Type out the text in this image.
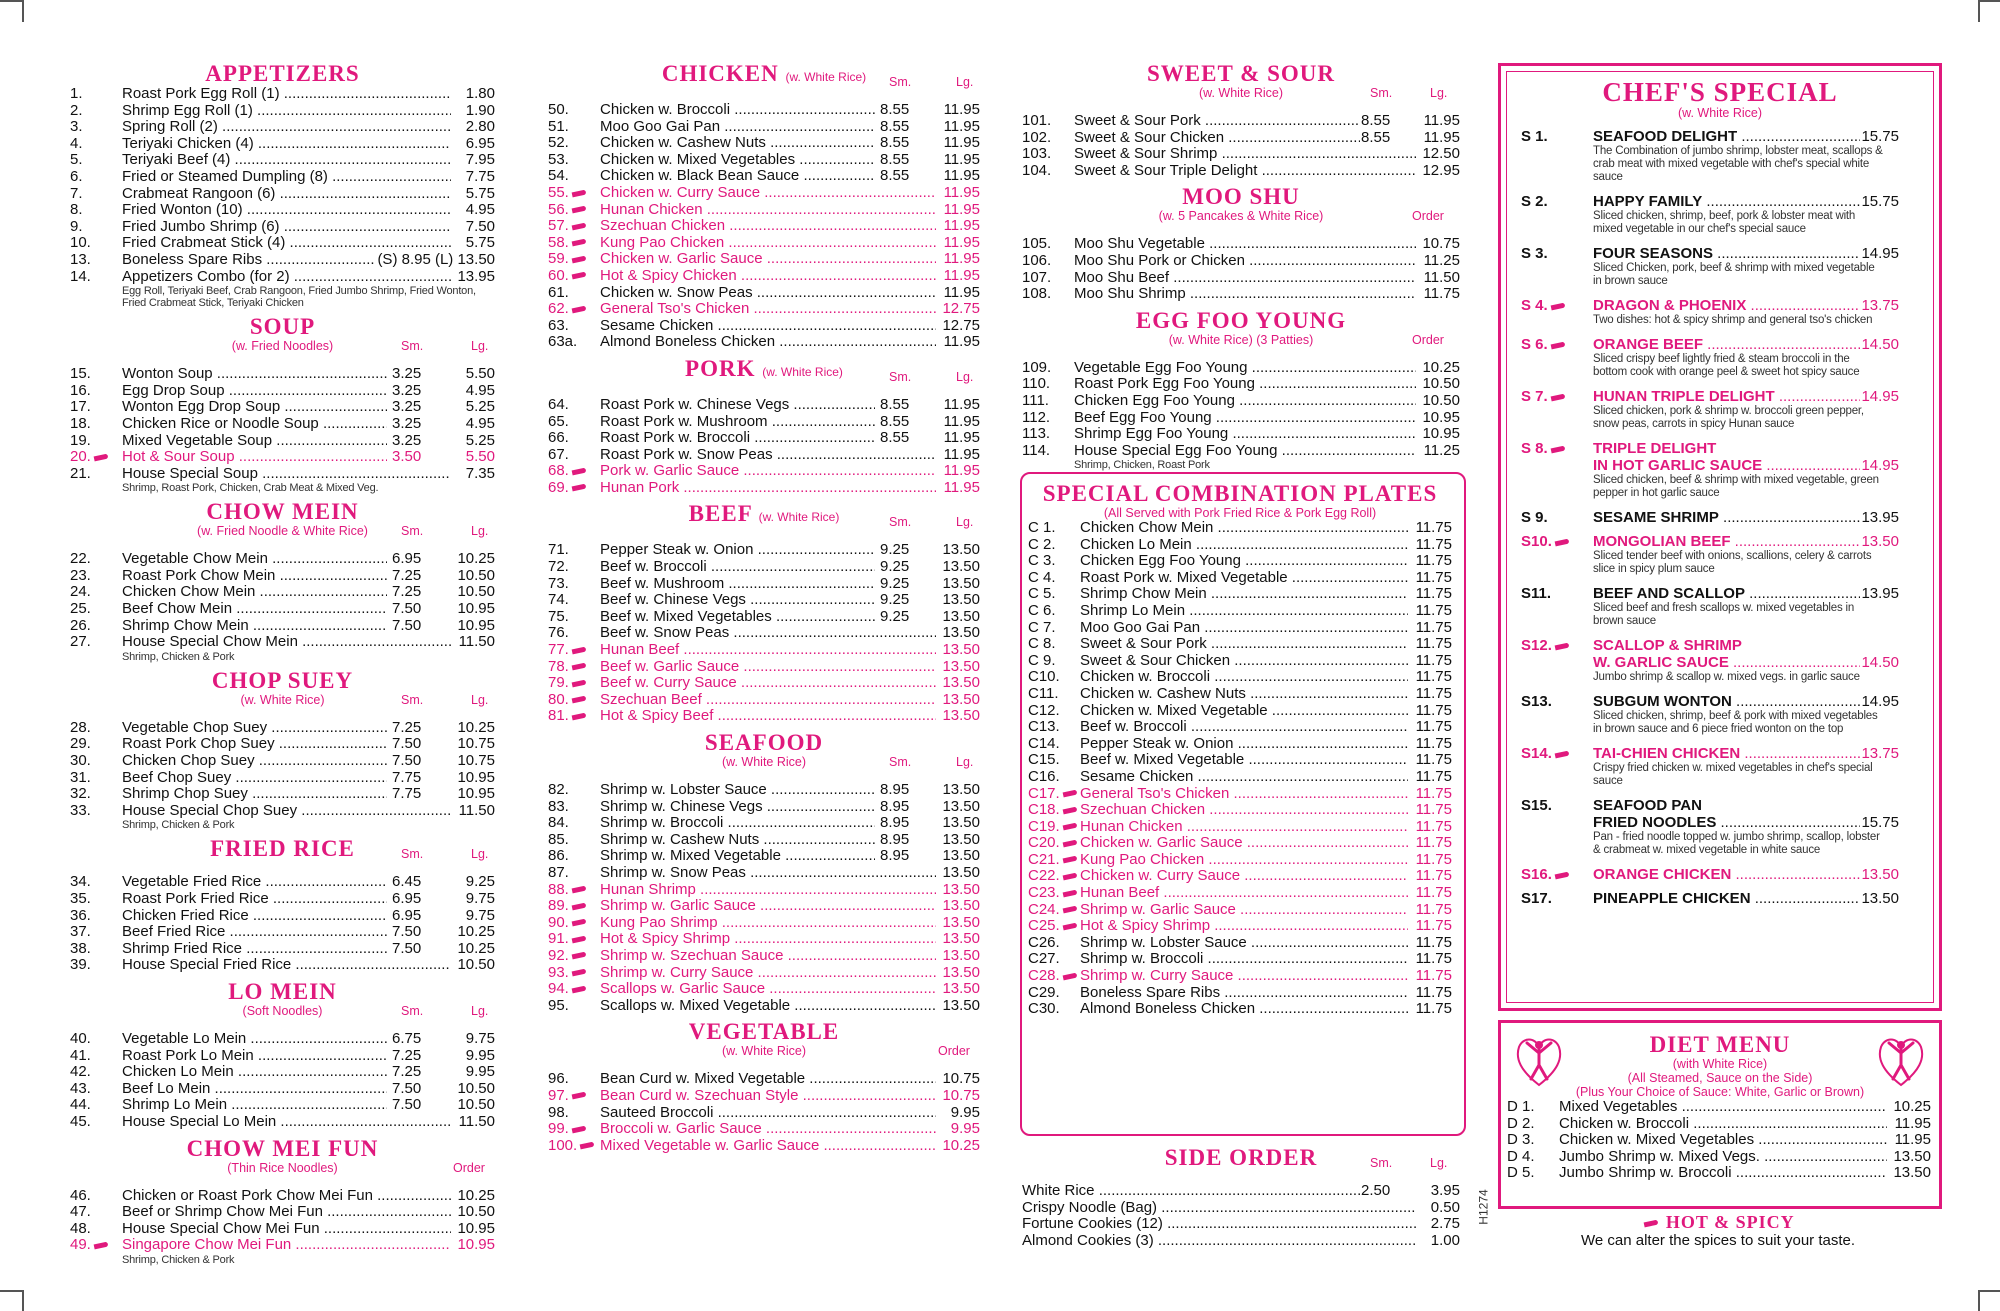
APPETIZERS
1.	Roast Pork Egg Roll (1) .....	1.80
2.	Shrimp Egg Roll (1) .....	1.90
3.	Spring Roll (2) .....	2.80
4.	Teriyaki Chicken (4) .....	6.95
5.	Teriyaki Beef (4) .....	7.95
6.	Fried or Steamed Dumpling (8) .....	7.75
7.	Crabmeat Rangoon (6) .....	5.75
8.	Fried Wonton (10) .....	4.95
9.	Fried Jumbo Shrimp (6) .....	7.50
10.	Fried Crabmeat Stick (4) .....	5.75
13.	Boneless Spare Ribs .....	(S) 8.95 (L) 13.50
14.	Appetizers Combo (for 2) .....	13.95
Egg Roll, Teriyaki Beef, Crab Rangoon, Fried Jumbo Shrimp, Fried Wonton, Fried Crabmeat Stick, Teriyaki Chicken
SOUP
(w. Fried Noodles)	Sm.	Lg.
15.	Wonton Soup .....	3.25	5.50
16.	Egg Drop Soup .....	3.25	4.95
17.	Wonton Egg Drop Soup .....	3.25	5.25
18.	Chicken Rice or Noodle Soup .....	3.25	4.95
19.	Mixed Vegetable Soup .....	3.25	5.25
20.	Hot & Sour Soup .....	3.50	5.50
21.	House Special Soup .....	7.35
Shrimp, Roast Pork, Chicken, Crab Meat & Mixed Veg.
CHOW MEIN
(w. Fried Noodle & White Rice)	Sm.	Lg.
22.	Vegetable Chow Mein .....	6.95	10.25
23.	Roast Pork Chow Mein .....	7.25	10.50
24.	Chicken Chow Mein .....	7.25	10.50
25.	Beef Chow Mein .....	7.50	10.95
26.	Shrimp Chow Mein .....	7.50	10.95
27.	House Special Chow Mein .....	11.50
Shrimp, Chicken & Pork
CHOP SUEY
(w. White Rice)	Sm.	Lg.
28.	Vegetable Chop Suey .....	7.25	10.25
29.	Roast Pork Chop Suey .....	7.50	10.75
30.	Chicken Chop Suey .....	7.50	10.75
31.	Beef Chop Suey .....	7.75	10.95
32.	Shrimp Chop Suey .....	7.75	10.95
33.	House Special Chop Suey .....	11.50
Shrimp, Chicken & Pork
FRIED RICE	Sm.	Lg.
34.	Vegetable Fried Rice .....	6.45	9.25
35.	Roast Pork Fried Rice .....	6.95	9.75
36.	Chicken Fried Rice .....	6.95	9.75
37.	Beef Fried Rice .....	7.50	10.25
38.	Shrimp Fried Rice .....	7.50	10.25
39.	House Special Fried Rice .....	10.50
LO MEIN
(Soft Noodles)	Sm.	Lg.
40.	Vegetable Lo Mein .....	6.75	9.75
41.	Roast Pork Lo Mein .....	7.25	9.95
42.	Chicken Lo Mein .....	7.25	9.95
43.	Beef Lo Mein .....	7.50	10.50
44.	Shrimp Lo Mein .....	7.50	10.50
45.	House Special Lo Mein .....	11.50
CHOW MEI FUN
(Thin Rice Noodles)	Order
46.	Chicken or Roast Pork Chow Mei Fun .....	10.25
47.	Beef or Shrimp Chow Mei Fun .....	10.50
48.	House Special Chow Mei Fun .....	10.95
49.	Singapore Chow Mei Fun .....	10.95
Shrimp, Chicken & Pork
CHICKEN (w. White Rice)	Sm.	Lg.
50.	Chicken w. Broccoli .....	8.55	11.95
51.	Moo Goo Gai Pan .....	8.55	11.95
52.	Chicken w. Cashew Nuts .....	8.55	11.95
53.	Chicken w. Mixed Vegetables .....	8.55	11.95
54.	Chicken w. Black Bean Sauce .....	8.55	11.95
55.	Chicken w. Curry Sauce .....	11.95
56.	Hunan Chicken .....	11.95
57.	Szechuan Chicken .....	11.95
58.	Kung Pao Chicken .....	11.95
59.	Chicken w. Garlic Sauce .....	11.95
60.	Hot & Spicy Chicken .....	11.95
61.	Chicken w. Snow Peas .....	11.95
62.	General Tso's Chicken .....	12.75
63.	Sesame Chicken .....	12.75
63a.	Almond Boneless Chicken .....	11.95
PORK (w. White Rice)	Sm.	Lg.
64.	Roast Pork w. Chinese Vegs .....	8.55	11.95
65.	Roast Pork w. Mushroom .....	8.55	11.95
66.	Roast Pork w. Broccoli .....	8.55	11.95
67.	Roast Pork w. Snow Peas .....	11.95
68.	Pork w. Garlic Sauce .....	11.95
69.	Hunan Pork .....	11.95
BEEF (w. White Rice)	Sm.	Lg.
71.	Pepper Steak w. Onion .....	9.25	13.50
72.	Beef w. Broccoli .....	9.25	13.50
73.	Beef w. Mushroom .....	9.25	13.50
74.	Beef w. Chinese Vegs .....	9.25	13.50
75.	Beef w. Mixed Vegetables .....	9.25	13.50
76.	Beef w. Snow Peas .....	13.50
77.	Hunan Beef .....	13.50
78.	Beef w. Garlic Sauce .....	13.50
79.	Beef w. Curry Sauce .....	13.50
80.	Szechuan Beef .....	13.50
81.	Hot & Spicy Beef .....	13.50
SEAFOOD
(w. White Rice)	Sm.	Lg.
82.	Shrimp w. Lobster Sauce .....	8.95	13.50
83.	Shrimp w. Chinese Vegs .....	8.95	13.50
84.	Shrimp w. Broccoli .....	8.95	13.50
85.	Shrimp w. Cashew Nuts .....	8.95	13.50
86.	Shrimp w. Mixed Vegetable .....	8.95	13.50
87.	Shrimp w. Snow Peas .....	13.50
88.	Hunan Shrimp .....	13.50
89.	Shrimp w. Garlic Sauce .....	13.50
90.	Kung Pao Shrimp .....	13.50
91.	Hot & Spicy Shrimp .....	13.50
92.	Shrimp w. Szechuan Sauce .....	13.50
93.	Shrimp w. Curry Sauce .....	13.50
94.	Scallops w. Garlic Sauce .....	13.50
95.	Scallops w. Mixed Vegetable .....	13.50
VEGETABLE
(w. White Rice)	Order
96.	Bean Curd w. Mixed Vegetable .....	10.75
97.	Bean Curd w. Szechuan Style .....	10.75
98.	Sauteed Broccoli .....	9.95
99.	Broccoli w. Garlic Sauce .....	9.95
100.	Mixed Vegetable w. Garlic Sauce .....	10.25
SWEET & SOUR
(w. White Rice)	Sm.	Lg.
101.	Sweet & Sour Pork .....	8.55	11.95
102.	Sweet & Sour Chicken .....	8.55	11.95
103.	Sweet & Sour Shrimp .....	12.50
104.	Sweet & Sour Triple Delight .....	12.95
MOO SHU
(w. 5 Pancakes & White Rice)	Order
105.	Moo Shu Vegetable .....	10.75
106.	Moo Shu Pork or Chicken .....	11.25
107.	Moo Shu Beef .....	11.50
108.	Moo Shu Shrimp .....	11.75
EGG FOO YOUNG
(w. White Rice) (3 Patties)	Order
109.	Vegetable Egg Foo Young .....	10.25
110.	Roast Pork Egg Foo Young .....	10.50
111.	Chicken Egg Foo Young .....	10.50
112.	Beef Egg Foo Young .....	10.95
113.	Shrimp Egg Foo Young .....	10.95
114.	House Special Egg Foo Young .....	11.25
Shrimp, Chicken, Roast Pork
SPECIAL COMBINATION PLATES
(All Served with Pork Fried Rice & Pork Egg Roll)
C 1.	Chicken Chow Mein .....	11.75
C 2.	Chicken Lo Mein .....	11.75
C 3.	Chicken Egg Foo Young .....	11.75
C 4.	Roast Pork w. Mixed Vegetable .....	11.75
C 5.	Shrimp Chow Mein .....	11.75
C 6.	Shrimp Lo Mein .....	11.75
C 7.	Moo Goo Gai Pan .....	11.75
C 8.	Sweet & Sour Pork .....	11.75
C 9.	Sweet & Sour Chicken .....	11.75
C10.	Chicken w. Broccoli .....	11.75
C11.	Chicken w. Cashew Nuts .....	11.75
C12.	Chicken w. Mixed Vegetable .....	11.75
C13.	Beef w. Broccoli .....	11.75
C14.	Pepper Steak w. Onion .....	11.75
C15.	Beef w. Mixed Vegetable .....	11.75
C16.	Sesame Chicken .....	11.75
C17.	General Tso's Chicken .....	11.75
C18.	Szechuan Chicken .....	11.75
C19.	Hunan Chicken .....	11.75
C20.	Chicken w. Garlic Sauce .....	11.75
C21.	Kung Pao Chicken .....	11.75
C22.	Chicken w. Curry Sauce .....	11.75
C23.	Hunan Beef .....	11.75
C24.	Shrimp w. Garlic Sauce .....	11.75
C25.	Hot & Spicy Shrimp .....	11.75
C26.	Shrimp w. Lobster Sauce .....	11.75
C27.	Shrimp w. Broccoli .....	11.75
C28.	Shrimp w. Curry Sauce .....	11.75
C29.	Boneless Spare Ribs .....	11.75
C30.	Almond Boneless Chicken .....	11.75
SIDE ORDER	Sm.	Lg.
White Rice .....	2.50	3.95
Crispy Noodle (Bag) .....	0.50
Fortune Cookies (12) .....	2.75
Almond Cookies (3) .....	1.00
CHEF'S SPECIAL
(w. White Rice)
S 1.	SEAFOOD DELIGHT .....	15.75
The Combination of jumbo shrimp, lobster meat, scallops & crab meat with mixed vegetable with chef's special white sauce
S 2.	HAPPY FAMILY .....	15.75
Sliced chicken, shrimp, beef, pork & lobster meat with mixed vegetable in our chef's special sauce
S 3.	FOUR SEASONS .....	14.95
Sliced Chicken, pork, beef & shrimp with mixed vegetable in brown sauce
S 4.	DRAGON & PHOENIX .....	13.75
Two dishes: hot & spicy shrimp and general tso's chicken
S 6.	ORANGE BEEF .....	14.50
Sliced crispy beef lightly fried & steam broccoli in the bottom cook with orange peel & sweet hot spicy sauce
S 7.	HUNAN TRIPLE DELIGHT .....	14.95
Sliced chicken, pork & shrimp w. broccoli green pepper, snow peas, carrots in spicy Hunan sauce
S 8.	TRIPLE DELIGHT
IN HOT GARLIC SAUCE .....	14.95
Sliced chicken, beef & shrimp with mixed vegetable, green pepper in hot garlic sauce
S 9.	SESAME SHRIMP .....	13.95
S10.	MONGOLIAN BEEF .....	13.50
Sliced tender beef with onions, scallions, celery & carrots slice in spicy plum sauce
S11.	BEEF AND SCALLOP .....	13.95
Sliced beef and fresh scallops w. mixed vegetables in brown sauce
S12.	SCALLOP & SHRIMP
W. GARLIC SAUCE .....	14.50
Jumbo shrimp & scallop w. mixed vegs. in garlic sauce
S13.	SUBGUM WONTON .....	14.95
Sliced chicken, shrimp, beef & pork with mixed vegetables in brown sauce and 6 piece fried wonton on the top
S14.	TAI-CHIEN CHICKEN .....	13.75
Crispy fried chicken w. mixed vegetables in chef's special sauce
S15.	SEAFOOD PAN
FRIED NOODLES .....	15.75
Pan - fried noodle topped w. jumbo shrimp, scallop, lobster & crabmeat w. mixed vegetable in white sauce
S16.	ORANGE CHICKEN .....	13.50
S17.	PINEAPPLE CHICKEN .....	13.50
DIET MENU
(with White Rice)
(All Steamed, Sauce on the Side)
(Plus Your Choice of Sauce: White, Garlic or Brown)
D 1.	Mixed Vegetables .....	10.25
D 2.	Chicken w. Broccoli .....	11.95
D 3.	Chicken w. Mixed Vegetables .....	11.95
D 4.	Jumbo Shrimp w. Mixed Vegs. .....	13.50
D 5.	Jumbo Shrimp w. Broccoli .....	13.50
HOT & SPICY
We can alter the spices to suit your taste.
H1274
